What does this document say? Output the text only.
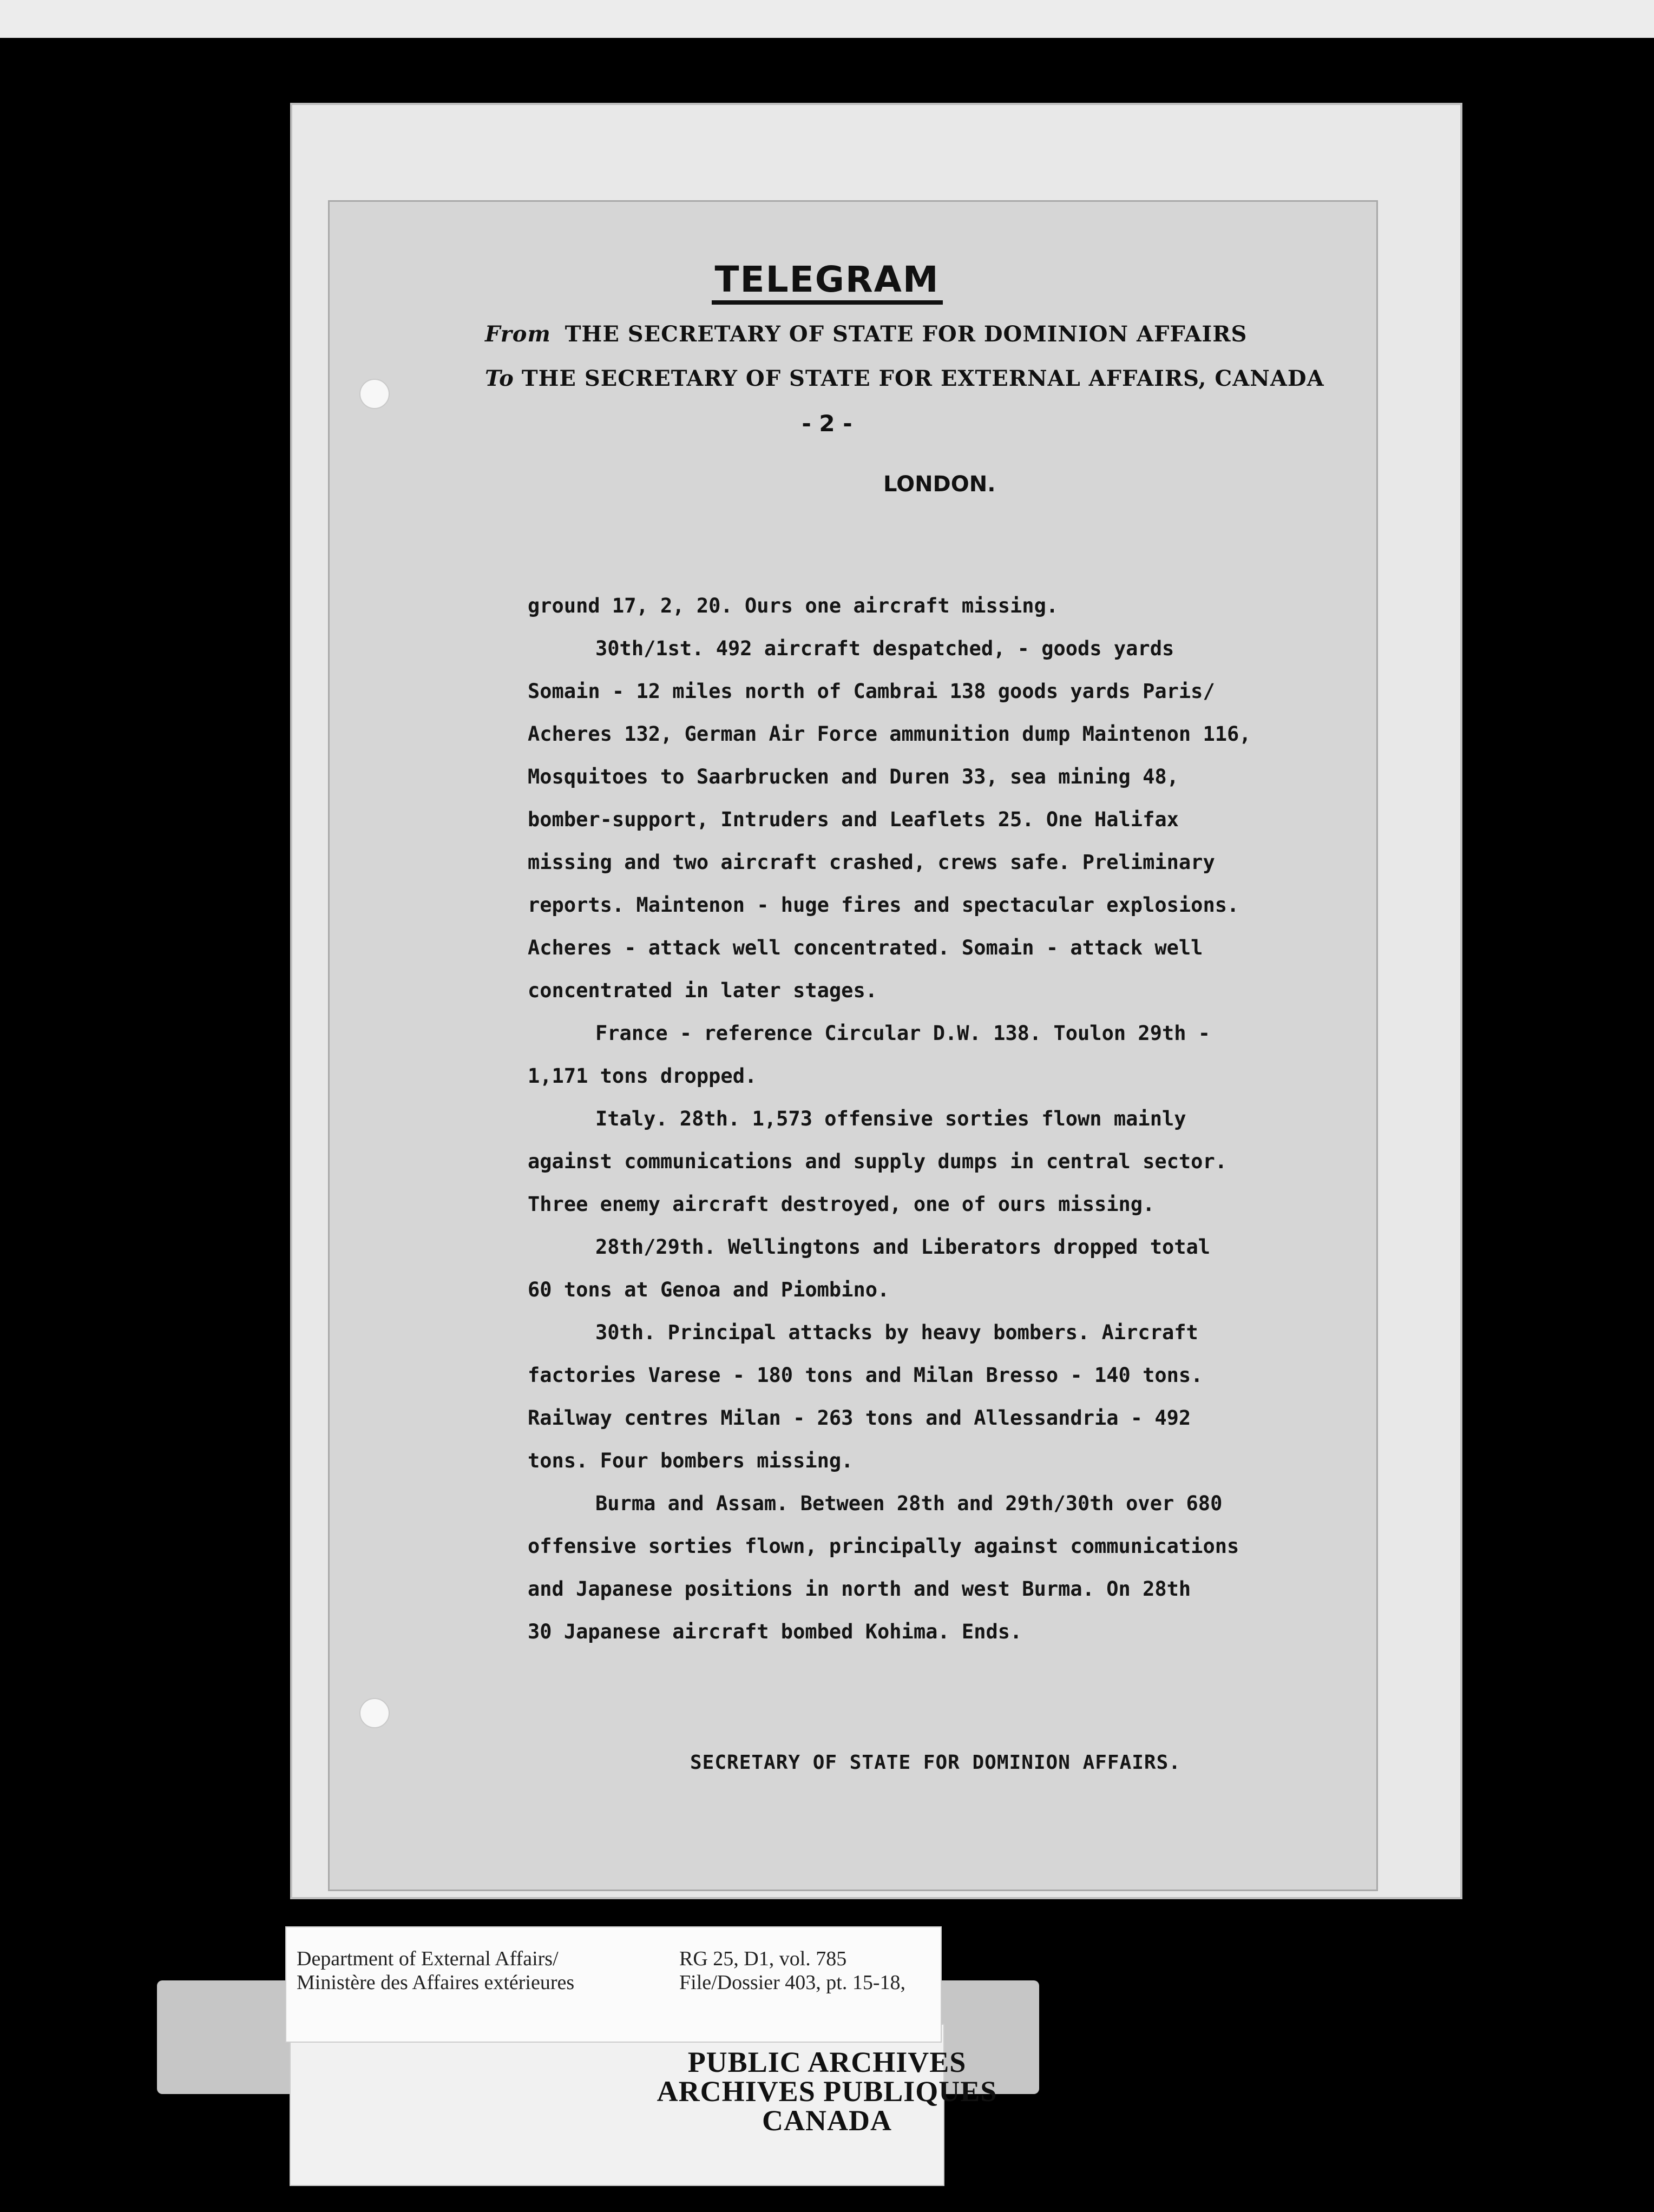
TELEGRAM
From THE SECRETARY OF STATE FOR DOMINION AFFAIRS
To THE SECRETARY OF STATE FOR EXTERNAL AFFAIRS, CANADA
- 2 -
LONDON.
ground 17, 2, 20. Ours one aircraft missing.
30th/1st. 492 aircraft despatched, - goods yards
Somain - 12 miles north of Cambrai 138 goods yards Paris/
Acheres 132, German Air Force ammunition dump Maintenon 116,
Mosquitoes to Saarbrucken and Duren 33, sea mining 48,
bomber-support, Intruders and Leaflets 25. One Halifax
missing and two aircraft crashed, crews safe. Preliminary
reports. Maintenon - huge fires and spectacular explosions.
Acheres - attack well concentrated. Somain - attack well
concentrated in later stages.
France - reference Circular D.W. 138. Toulon 29th -
1,171 tons dropped.
Italy. 28th. 1,573 offensive sorties flown mainly
against communications and supply dumps in central sector.
Three enemy aircraft destroyed, one of ours missing.
28th/29th. Wellingtons and Liberators dropped total
60 tons at Genoa and Piombino.
30th. Principal attacks by heavy bombers. Aircraft
factories Varese - 180 tons and Milan Bresso - 140 tons.
Railway centres Milan - 263 tons and Allessandria - 492
tons. Four bombers missing.
Burma and Assam. Between 28th and 29th/30th over 680
offensive sorties flown, principally against communications
and Japanese positions in north and west Burma. On 28th
30 Japanese aircraft bombed Kohima. Ends.
SECRETARY OF STATE FOR DOMINION AFFAIRS.
Department of External Affairs/
Ministère des Affaires extérieures
RG 25, D1, vol. 785
File/Dossier 403, pt. 15-18,
PUBLIC ARCHIVES
ARCHIVES PUBLIQUES
CANADA
